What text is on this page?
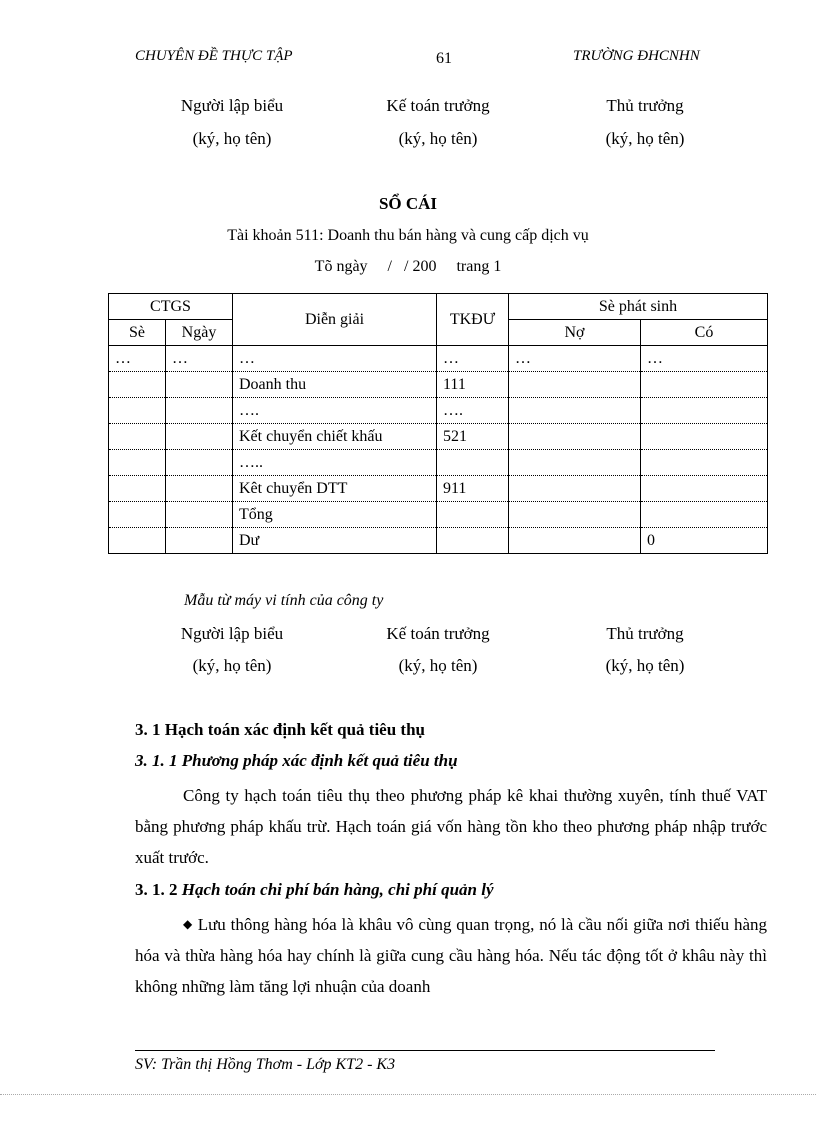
CHUYÊN ĐỀ THỰC TẬP	61	TRƯỜNG ĐHCNHN
Người lập biểu
(ký, họ tên)
Kế toán trưởng
(ký, họ tên)
Thủ trưởng
(ký, họ tên)
SỔ CÁI
Tài khoản 511: Doanh thu bán hàng và cung cấp dịch vụ
Tõ ngày     /   / 200     trang 1
CTGS		Diễn giải	TKĐƯ	Sè phát sinh	
Sè	Ngày			Nợ	Có
…	…	…	…	…	…
		Doanh thu	111		
		….	….		
		Kết chuyển chiết khấu	521		
		…..			
		Kêt chuyển DTT	911		
		Tổng			
		Dư			0
Mẫu từ máy vi tính của công ty
Người lập biểu
(ký, họ tên)
Kế toán trưởng
(ký, họ tên)
Thủ trưởng
(ký, họ tên)
3. 1 Hạch toán xác định kết quả tiêu thụ
3. 1. 1 Phương pháp xác định kết quả tiêu thụ
Công ty hạch toán tiêu thụ theo phương pháp kê khai thường xuyên, tính thuế VAT bằng phương pháp khấu trừ. Hạch toán giá vốn hàng tồn kho theo phương pháp nhập trước xuất trước.
3. 1. 2 Hạch toán chi phí bán hàng, chi phí quản lý
◆ Lưu thông hàng hóa là khâu vô cùng quan trọng, nó là cầu nối giữa nơi thiếu hàng hóa và thừa hàng hóa hay chính là giữa cung cầu hàng hóa. Nếu tác động tốt ở khâu này thì không những làm tăng lợi nhuận của doanh
SV: Trần thị Hồng Thơm - Lớp KT2 - K3
